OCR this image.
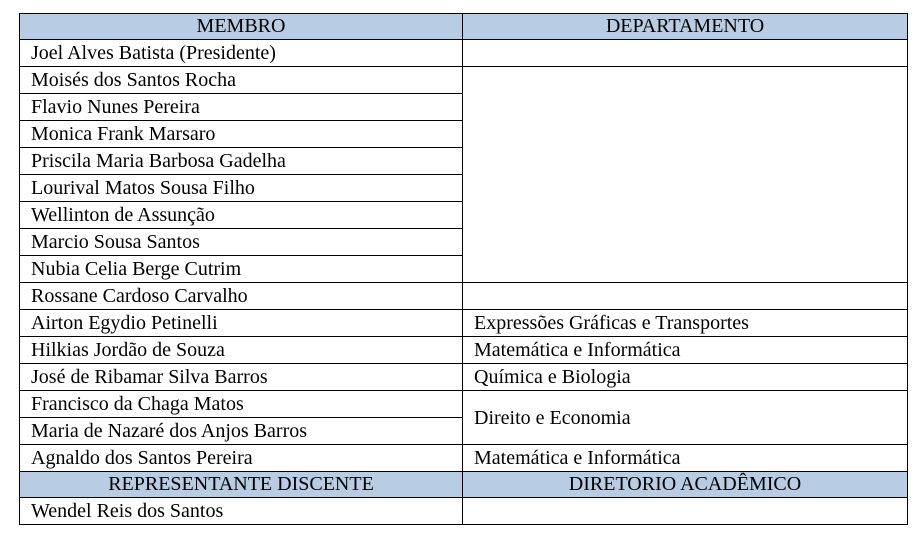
MEMBRO	DEPARTAMENTO
Joel Alves Batista (Presidente)	
Moisés dos Santos Rocha	
Flavio Nunes Pereira	
Monica Frank Marsaro	
Priscila Maria Barbosa Gadelha	
Lourival Matos Sousa Filho	
Wellinton de Assunção	
Marcio Sousa Santos	
Nubia Celia Berge Cutrim	
Rossane Cardoso Carvalho	
Airton Egydio Petinelli	Expressões Gráficas e Transportes
Hilkias Jordão de Souza	Matemática e Informática
José de Ribamar Silva Barros	Química e Biologia
Francisco da Chaga Matos	Direito e Economia
Maria de Nazaré dos Anjos Barros	
Agnaldo dos Santos Pereira	Matemática e Informática
REPRESENTANTE DISCENTE	DIRETORIO ACADÊMICO
Wendel Reis dos Santos	
